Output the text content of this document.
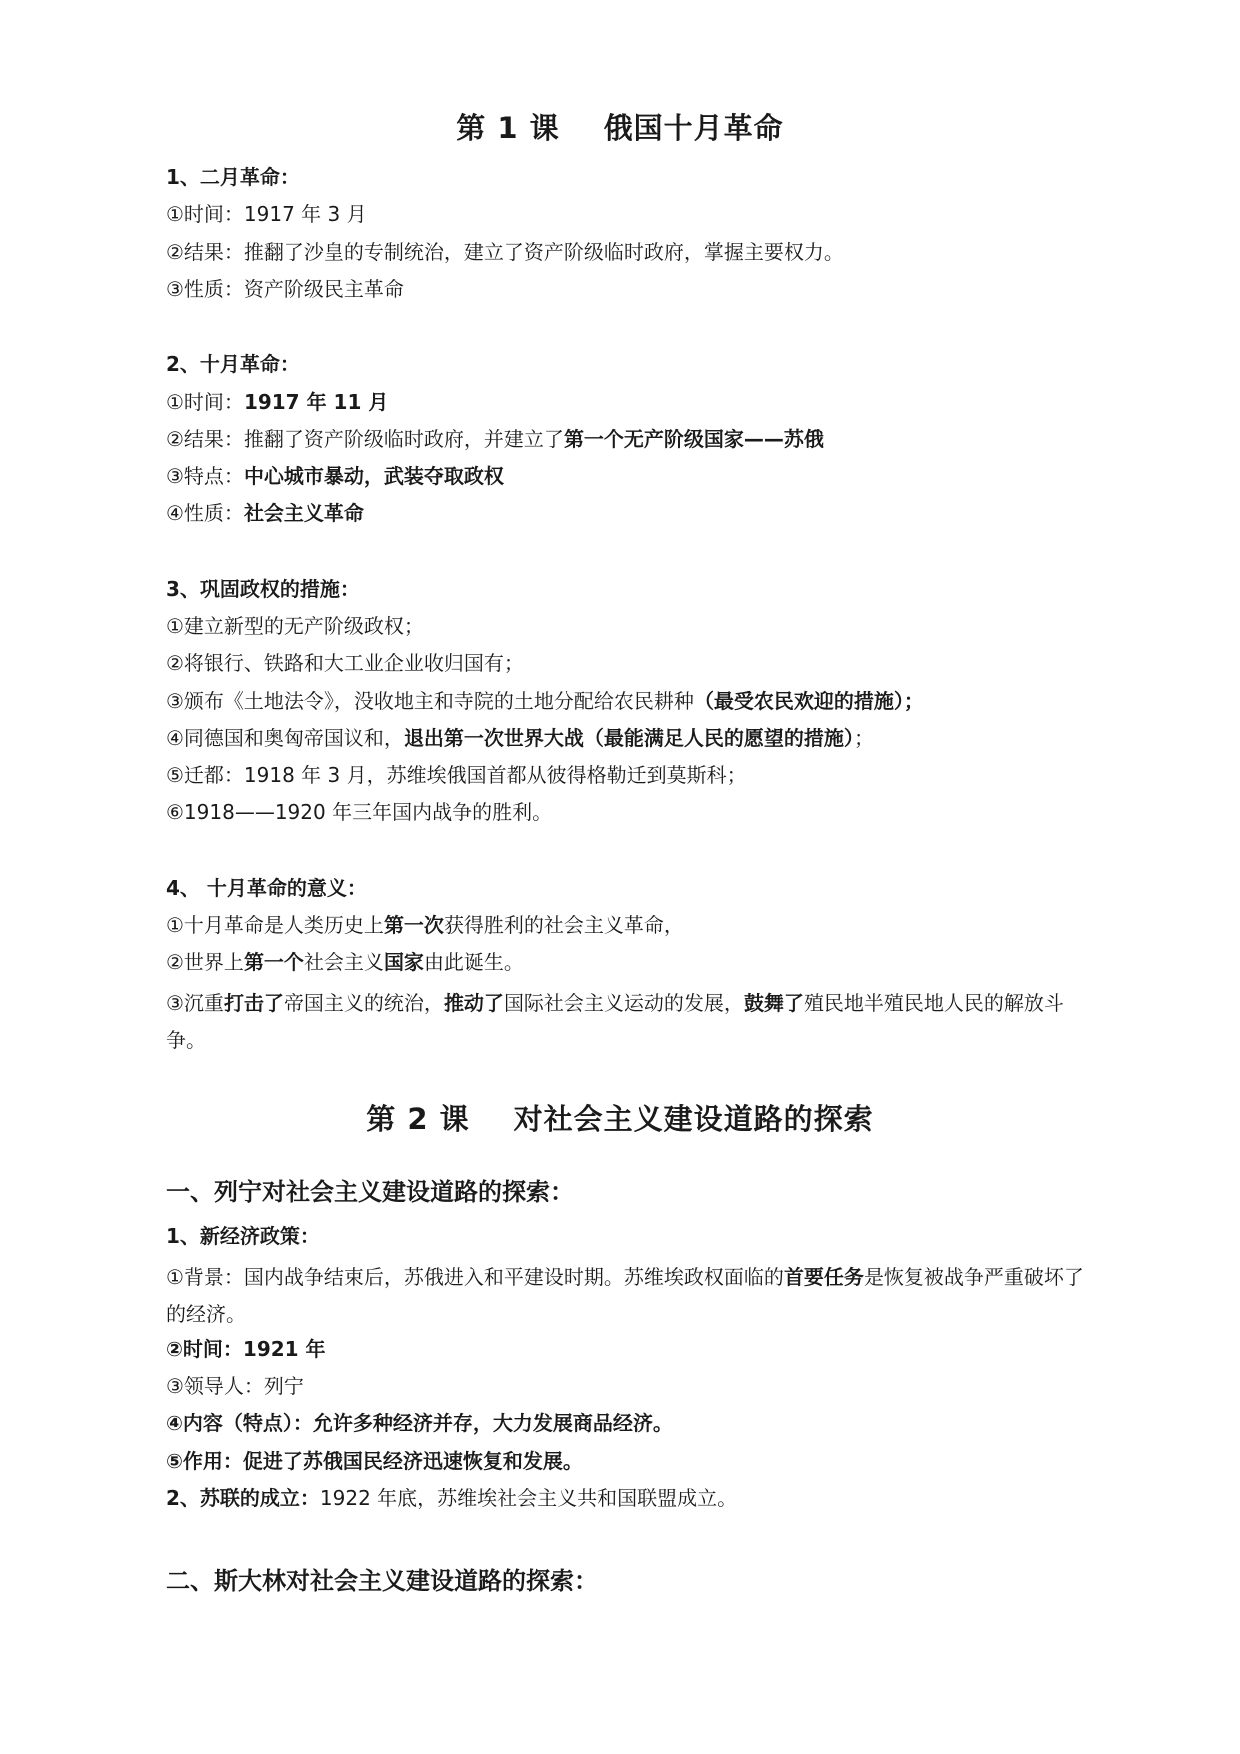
第 1 课 俄国十月革命
1、二月革命：
①时间：1917 年 3 月
②结果：推翻了沙皇的专制统治，建立了资产阶级临时政府，掌握主要权力。
③性质：资产阶级民主革命
2、十月革命：
①时间：1917 年 11 月
②结果：推翻了资产阶级临时政府，并建立了第一个无产阶级国家——苏俄
③特点：中心城市暴动，武装夺取政权
④性质：社会主义革命
3、巩固政权的措施：
①建立新型的无产阶级政权；
②将银行、铁路和大工业企业收归国有；
③颁布《土地法令》，没收地主和寺院的土地分配给农民耕种（最受农民欢迎的措施）；
④同德国和奥匈帝国议和，退出第一次世界大战（最能满足人民的愿望的措施）；
⑤迁都：1918 年 3 月，苏维埃俄国首都从彼得格勒迁到莫斯科；
⑥1918——1920 年三年国内战争的胜利。
4、 十月革命的意义：
①十月革命是人类历史上第一次获得胜利的社会主义革命，
②世界上第一个社会主义国家由此诞生。
③沉重打击了帝国主义的统治，推动了国际社会主义运动的发展，鼓舞了殖民地半殖民地人民的解放斗争。
第 2 课 对社会主义建设道路的探索
一、列宁对社会主义建设道路的探索：
1、新经济政策：
①背景：国内战争结束后，苏俄进入和平建设时期。苏维埃政权面临的首要任务是恢复被战争严重破坏了的经济。
②时间：1921 年
③领导人：列宁
④内容（特点）：允许多种经济并存，大力发展商品经济。
⑤作用：促进了苏俄国民经济迅速恢复和发展。
2、苏联的成立：1922 年底，苏维埃社会主义共和国联盟成立。
二、斯大林对社会主义建设道路的探索：
